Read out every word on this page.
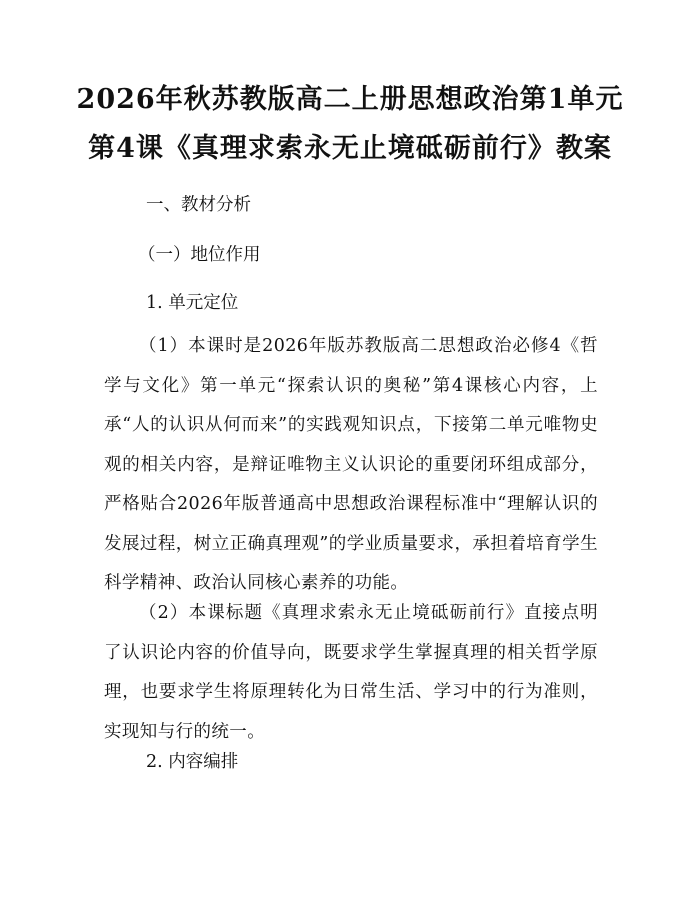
2026年秋苏教版高二上册思想政治第1单元
第4课《真理求索永无止境砥砺前行》教案
一、教材分析
（一）地位作用
1. 单元定位
（1）本课时是2026年版苏教版高二思想政治必修4《哲学与文化》第一单元“探索认识的奥秘”第4课核心内容，上承“人的认识从何而来”的实践观知识点，下接第二单元唯物史观的相关内容，是辩证唯物主义认识论的重要闭环组成部分，严格贴合2026年版普通高中思想政治课程标准中“理解认识的发展过程，树立正确真理观”的学业质量要求，承担着培育学生科学精神、政治认同核心素养的功能。
（2）本课标题《真理求索永无止境砥砺前行》直接点明了认识论内容的价值导向，既要求学生掌握真理的相关哲学原理，也要求学生将原理转化为日常生活、学习中的行为准则，实现知与行的统一。
2. 内容编排
